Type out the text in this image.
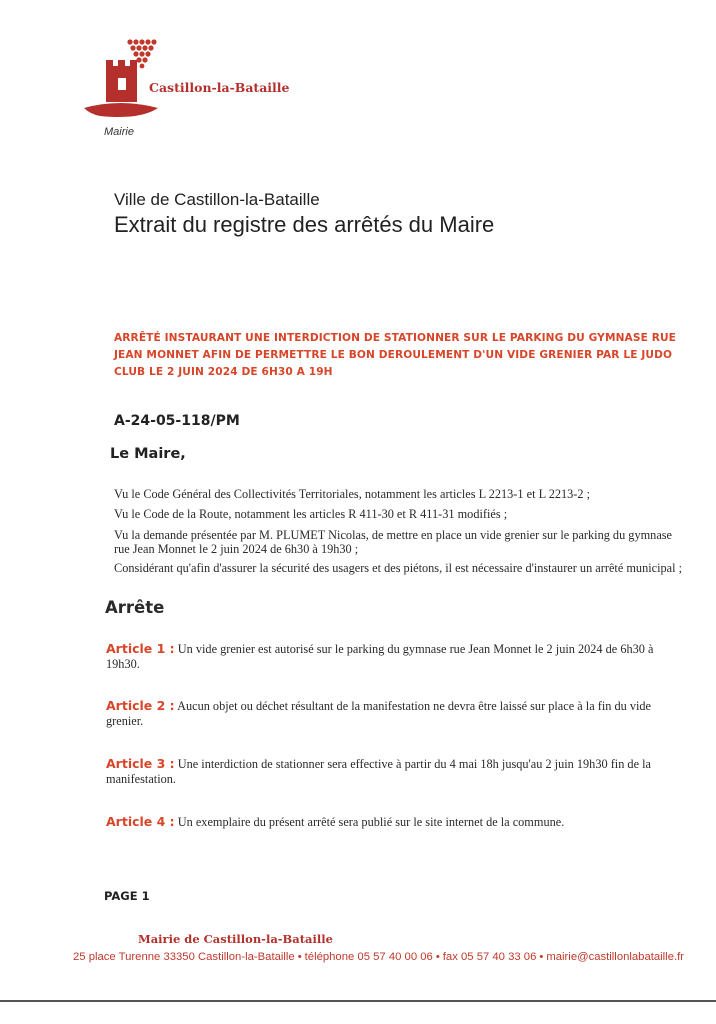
Castillon-la-Bataille
Mairie
Ville de Castillon-la-Bataille
Extrait du registre des arrêtés du Maire
ARRÊTÉ INSTAURANT UNE INTERDICTION DE STATIONNER SUR LE PARKING DU GYMNASE RUE JEAN MONNET AFIN DE PERMETTRE LE BON DEROULEMENT D'UN VIDE GRENIER PAR LE JUDO CLUB LE 2 JUIN 2024 DE 6H30 A 19H
A-24-05-118/PM
Le Maire,
Vu le Code Général des Collectivités Territoriales, notamment les articles L 2213-1 et L 2213-2 ;
Vu le Code de la Route, notamment les articles R 411-30 et R 411-31 modifiés ;
Vu la demande présentée par M. PLUMET Nicolas, de mettre en place un vide grenier sur le parking du gymnase rue Jean Monnet le 2 juin 2024 de 6h30 à 19h30 ;
Considérant qu'afin d'assurer la sécurité des usagers et des piétons, il est nécessaire d'instaurer un arrêté municipal ;
Arrête
Article 1 : Un vide grenier est autorisé sur le parking du gymnase rue Jean Monnet le 2 juin 2024 de 6h30 à 19h30.
Article 2 : Aucun objet ou déchet résultant de la manifestation ne devra être laissé sur place à la fin du vide grenier.
Article 3 : Une interdiction de stationner sera effective à partir du 4 mai 18h jusqu'au 2 juin 19h30 fin de la manifestation.
Article 4 : Un exemplaire du présent arrêté sera publié sur le site internet de la commune.
PAGE 1
Mairie de Castillon-la-Bataille
25 place Turenne 33350 Castillon-la-Bataille • téléphone 05 57 40 00 06 • fax 05 57 40 33 06 • mairie@castillonlabataille.fr
